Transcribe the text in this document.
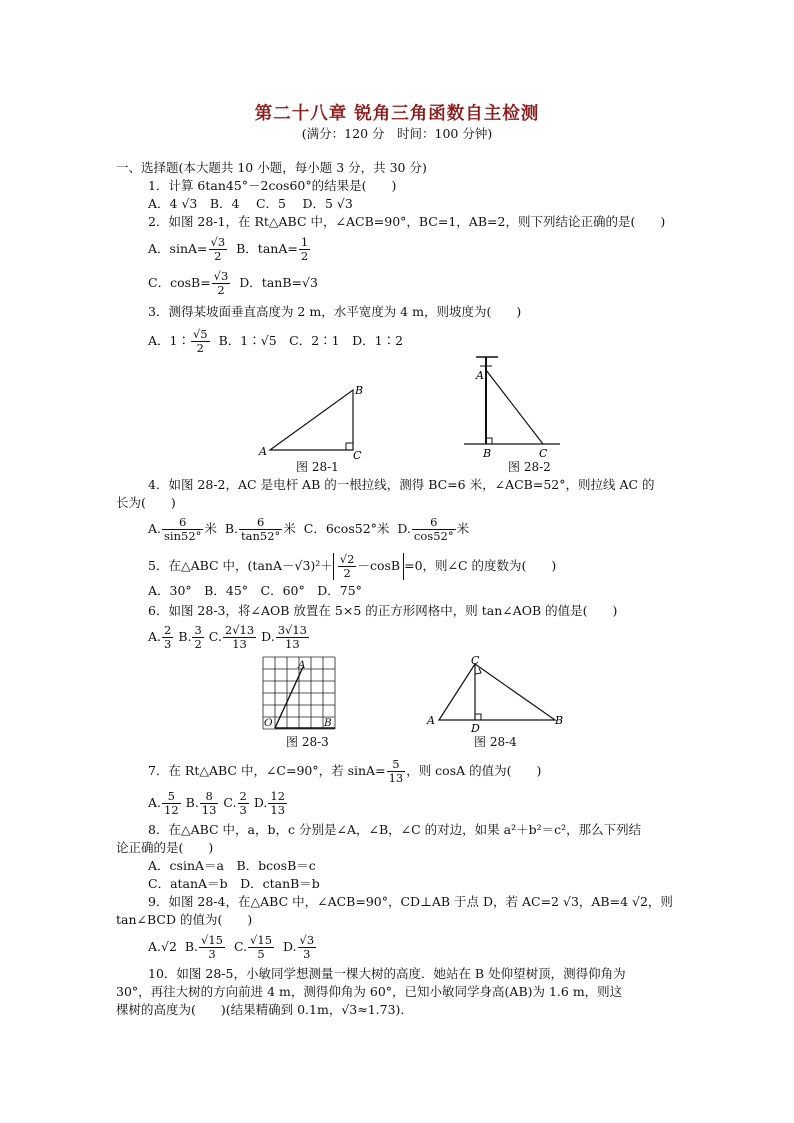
第二十八章 锐角三角函数自主检测
(满分：120 分　时间：100 分钟)
一、选择题(本大题共 10 小题，每小题 3 分，共 30 分)
1．计算 6tan45°－2cos60°的结果是(　　)
A．4 √3　B．4　 C．5　 D．5 √3
2．如图 28-1，在 Rt△ABC 中，∠ACB=90°，BC=1，AB=2，则下列结论正确的是(　　)
A．$\sin A= \frac{√3}{2}$ B．$\tan A= \frac{1}{2}$
C．$\cos B= \frac{√3}{2}$ D．tanB=√3
3．测得某坡面垂直高度为 2 m，水平宽度为 4 m，则坡度为(　　)
A．1∶ $\frac{√5}{2}$ B．1∶√5　C．2∶1　D．1∶2
A
B
C
图 28-1
A
B	C
图 28-2
4．如图 28-2，AC 是电杆 AB 的一根拉线，测得 BC=6 米，∠ACB=52°，则拉线 AC 的
长为(　　)
A. $\frac{6}{\sin 52^\circ}$ 米 B. $\frac{6}{\tan 52^\circ}$ 米 C．6cos52°米 D. $\frac{6}{\cos 52^\circ}$ 米
5．在△ABC 中，$(\tan A-√3)^2+ \frac{√2}{2} -\cos B =0$，则∠C 的度数为(　　)
A．30°　B．45°　C．60°　D．75°
6．如图 28-3，将∠AOB 放置在 5×5 的正方形网格中，则 tan∠AOB 的值是(　　)
A. $\frac{2}{3} B$. $\frac{3}{2} C$. $\frac{2√13}{13} D$. $\frac{3√13}{13}$
A
O	B
图 28-3
C
A
D
B
图 28-4
7．在 Rt△ABC 中，∠C=90°，若 $\sin A= \frac{5}{13}$ ，则 cosA 的值为(　　)
A. $\frac{5}{12} B$. $\frac{8}{13} C$. $\frac{2}{3} D$. $\frac{12}{13}$
8．在△ABC 中，a，b，c 分别是∠A，∠B，∠C 的对边，如果 a²＋b²＝c²，那么下列结
论正确的是(　　)
A．csinA＝a　B．bcosB＝c
C．atanA＝b　D．ctanB＝b
9．如图 28-4，在△ABC 中，∠ACB=90°，CD⊥AB 于点 D，若 AC=2 √3，AB=4 √2，则
tan∠BCD 的值为(　　)
A.√2  B. $\frac{√15}{3} C$. $\frac{√15}{5} D$. $\frac{√3}{3}$
10．如图 28-5，小敏同学想测量一棵大树的高度．她站在 B 处仰望树顶，测得仰角为
30°，再往大树的方向前进 4 m，测得仰角为 60°，已知小敏同学身高(AB)为 1.6 m，则这
棵树的高度为(　　)(结果精确到 0.1m，√3≈1.73)．
